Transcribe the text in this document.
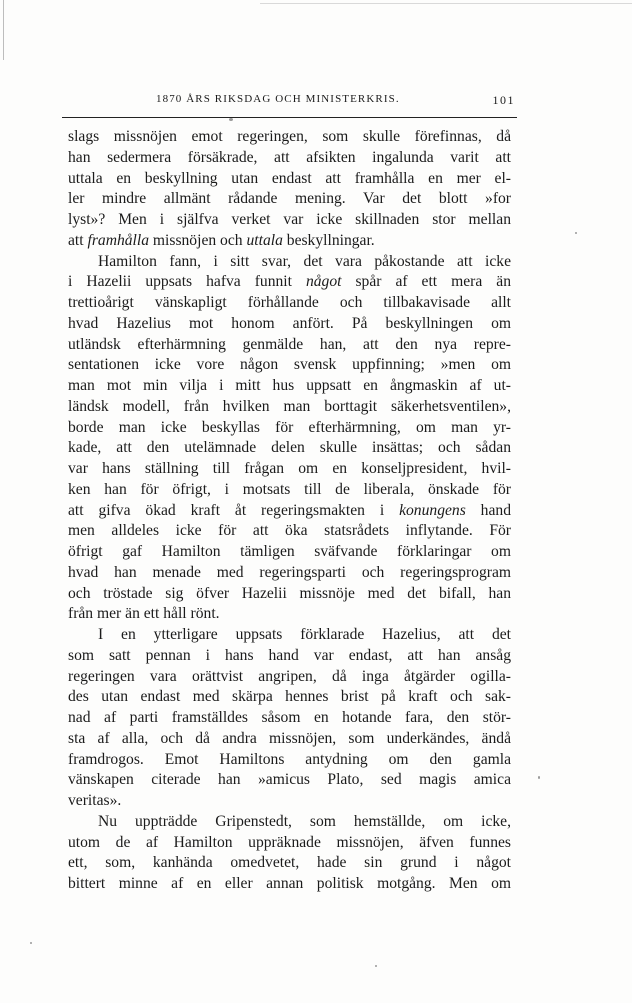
1870 ÅRS RIKSDAG OCH MINISTERKRIS.	101
slags missnöjen emot regeringen, som skulle förefinnas, då
han sedermera försäkrade, att afsikten ingalunda varit att
uttala en beskyllning utan endast att framhålla en mer el-
ler mindre allmänt rådande mening. Var det blott »for
lyst»? Men i själfva verket var icke skillnaden stor mellan
att framhålla missnöjen och uttala beskyllningar.
Hamilton fann, i sitt svar, det vara påkostande att icke
i Hazelii uppsats hafva funnit något spår af ett mera än
trettioårigt vänskapligt förhållande och tillbakavisade allt
hvad Hazelius mot honom anfört. På beskyllningen om
utländsk efterhärmning genmälde han, att den nya repre-
sentationen icke vore någon svensk uppfinning; »men om
man mot min vilja i mitt hus uppsatt en ångmaskin af ut-
ländsk modell, från hvilken man borttagit säkerhetsventilen»,
borde man icke beskyllas för efterhärmning, om man yr-
kade, att den utelämnade delen skulle insättas; och sådan
var hans ställning till frågan om en konseljpresident, hvil-
ken han för öfrigt, i motsats till de liberala, önskade för
att gifva ökad kraft åt regeringsmakten i konungens hand
men alldeles icke för att öka statsrådets inflytande. För
öfrigt gaf Hamilton tämligen sväfvande förklaringar om
hvad han menade med regeringsparti och regeringsprogram
och tröstade sig öfver Hazelii missnöje med det bifall, han
från mer än ett håll rönt.
I en ytterligare uppsats förklarade Hazelius, att det
som satt pennan i hans hand var endast, att han ansåg
regeringen vara orättvist angripen, då inga åtgärder ogilla-
des utan endast med skärpa hennes brist på kraft och sak-
nad af parti framställdes såsom en hotande fara, den stör-
sta af alla, och då andra missnöjen, som underkändes, ändå
framdrogos. Emot Hamiltons antydning om den gamla
vänskapen citerade han »amicus Plato, sed magis amica
veritas».
Nu uppträdde Gripenstedt, som hemställde, om icke,
utom de af Hamilton uppräknade missnöjen, äfven funnes
ett, som, kanhända omedvetet, hade sin grund i något
bittert minne af en eller annan politisk motgång. Men om
